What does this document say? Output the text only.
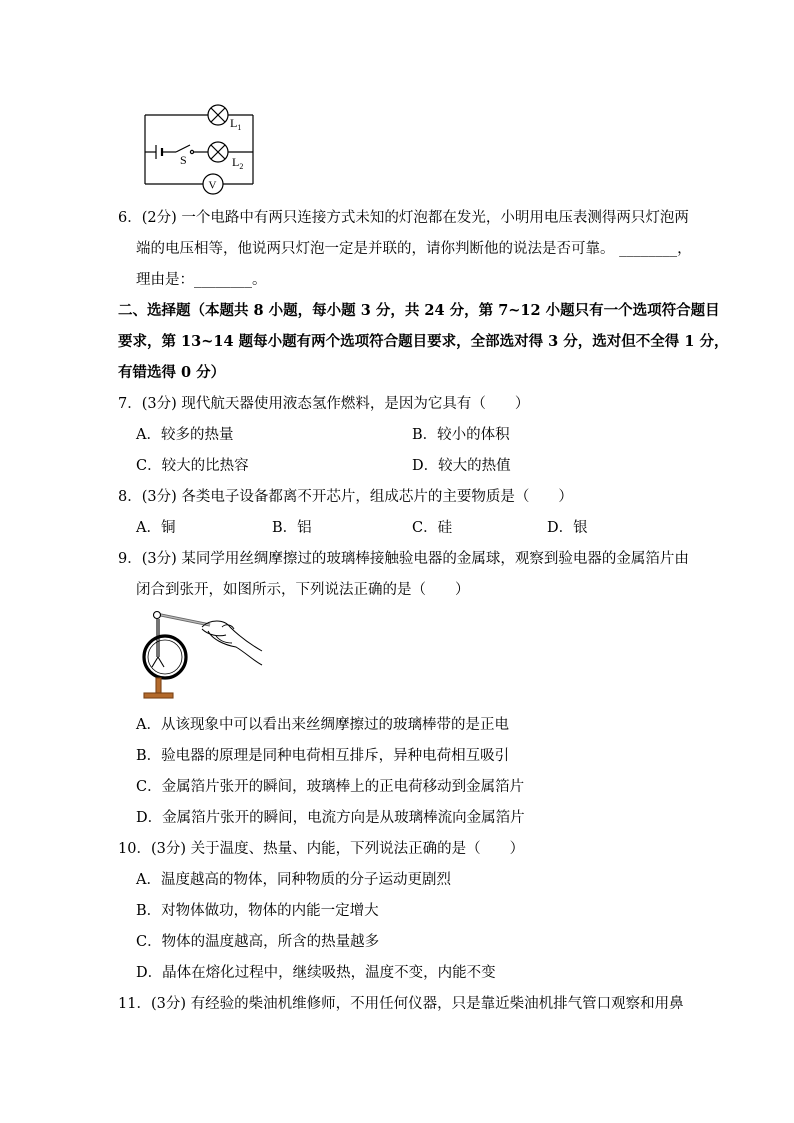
$L_1$
$L_2$
S
V
6．(2分) 一个电路中有两只连接方式未知的灯泡都在发光，小明用电压表测得两只灯泡两
端的电压相等，他说两只灯泡一定是并联的，请你判断他的说法是否可靠。 ________，
理由是：________。
二、选择题（本题共 8 小题，每小题 3 分，共 24 分，第 7~12 小题只有一个选项符合题目
要求，第 13~14 题每小题有两个选项符合题目要求，全部选对得 3 分，选对但不全得 1 分，
有错选得 0 分）
7．(3分) 现代航天器使用液态氢作燃料，是因为它具有（　　）
A．较多的热量	B．较小的体积
C．较大的比热容	D．较大的热值
8．(3分) 各类电子设备都离不开芯片，组成芯片的主要物质是（　　）
A．铜	B．铝	C．硅	D．银
9．(3分) 某同学用丝绸摩擦过的玻璃棒接触验电器的金属球，观察到验电器的金属箔片由
闭合到张开，如图所示，下列说法正确的是（　　）
A．从该现象中可以看出来丝绸摩擦过的玻璃棒带的是正电
B．验电器的原理是同种电荷相互排斥，异种电荷相互吸引
C．金属箔片张开的瞬间，玻璃棒上的正电荷移动到金属箔片
D．金属箔片张开的瞬间，电流方向是从玻璃棒流向金属箔片
10．(3分) 关于温度、热量、内能，下列说法正确的是（　　）
A．温度越高的物体，同种物质的分子运动更剧烈
B．对物体做功，物体的内能一定增大
C．物体的温度越高，所含的热量越多
D．晶体在熔化过程中，继续吸热，温度不变，内能不变
11．(3分) 有经验的柴油机维修师，不用任何仪器，只是靠近柴油机排气管口观察和用鼻
